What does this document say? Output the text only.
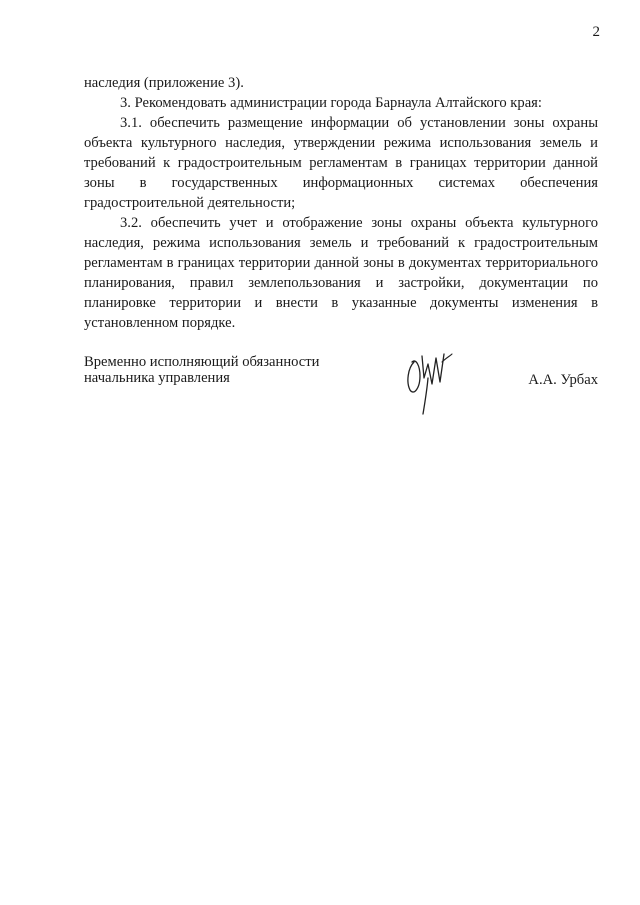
2

наследия (приложение 3).

3. Рекомендовать администрации города Барнаула Алтайского края:

3.1. обеспечить размещение информации об установлении зоны охраны объекта культурного наследия, утверждении режима использования земель и требований к градостроительным регламентам в границах территории данной зоны в государственных информационных системах обеспечения градостроительной деятельности;

3.2. обеспечить учет и отображение зоны охраны объекта культурного наследия, режима использования земель и требований к градостроительным регламентам в границах территории данной зоны в документах территориального планирования, правил землепользования и застройки, документации по планировке территории и внести в указанные документы изменения в установленном порядке.

Временно исполняющий обязанности
начальника управления	А.А. Урбах
